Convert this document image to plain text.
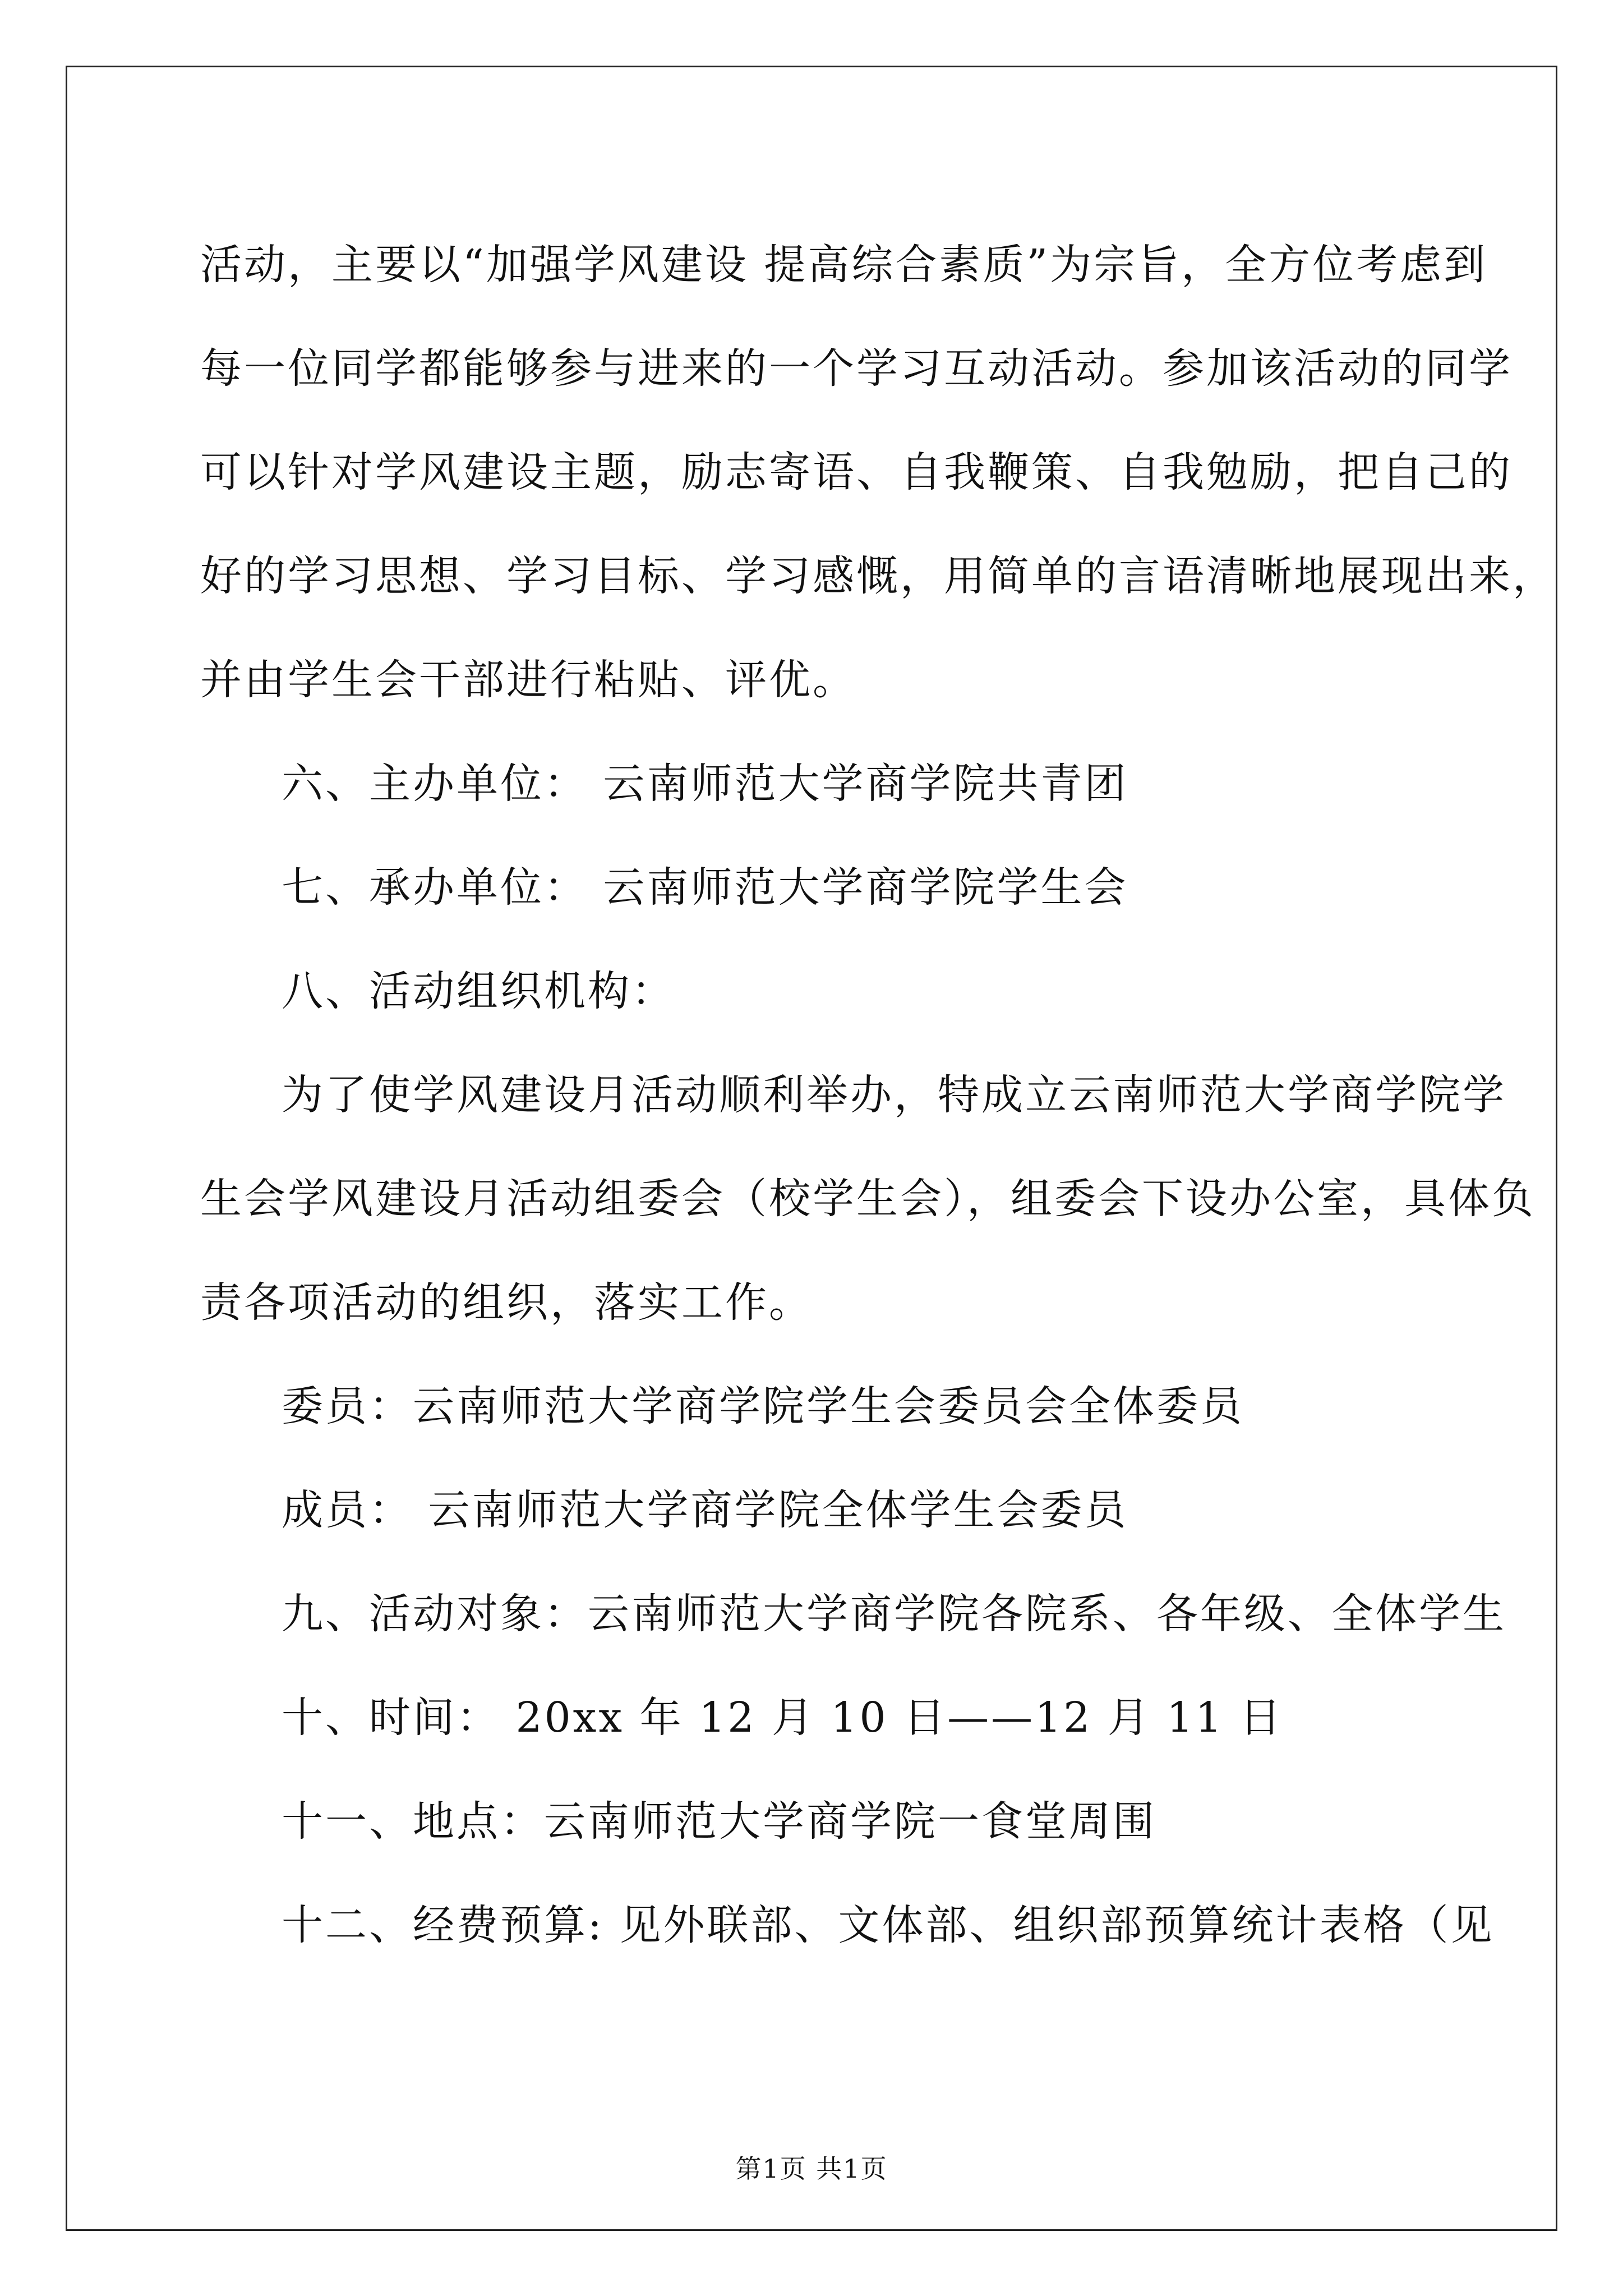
活动，主要以“加强学风建设 提高综合素质”为宗旨，全方位考虑到
每一位同学都能够参与进来的一个学习互动活动。参加该活动的同学
可以针对学风建设主题，励志寄语、自我鞭策、自我勉励，把自己的
好的学习思想、学习目标、学习感慨，用简单的言语清晰地展现出来，
并由学生会干部进行粘贴、评优。
六、主办单位： 云南师范大学商学院共青团
七、承办单位： 云南师范大学商学院学生会
八、活动组织机构：
为了使学风建设月活动顺利举办，特成立云南师范大学商学院学
生会学风建设月活动组委会（校学生会），组委会下设办公室，具体负
责各项活动的组织，落实工作。
委员：云南师范大学商学院学生会委员会全体委员
成员： 云南师范大学商学院全体学生会委员
九、活动对象：云南师范大学商学院各院系、各年级、全体学生
十、时间： 20xx 年 12 月 10 日——12 月 11 日
十一、地点：云南师范大学商学院一食堂周围
十二、经费预算: 见外联部、文体部、组织部预算统计表格（见
第1页 共1页
